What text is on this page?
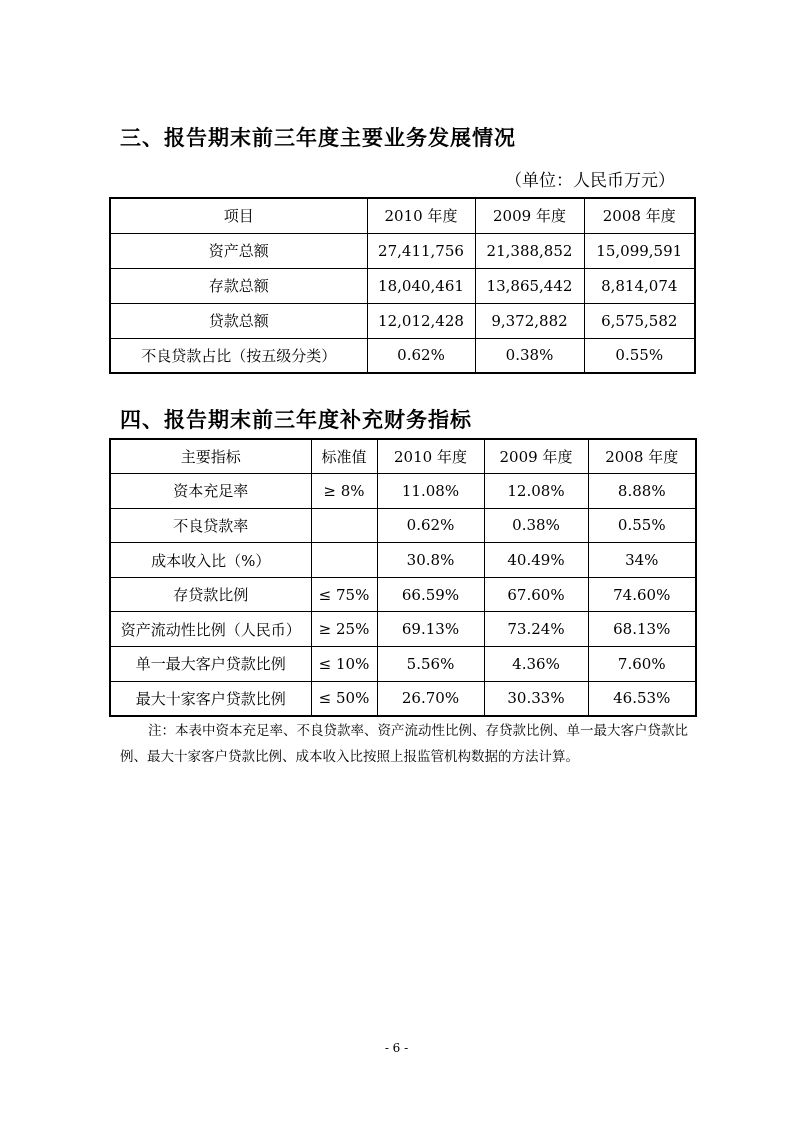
三、报告期末前三年度主要业务发展情况
（单位：人民币万元）
项目	2010 年度	2009 年度	2008 年度
资产总额	27,411,756	21,388,852	15,099,591
存款总额	18,040,461	13,865,442	8,814,074
贷款总额	12,012,428	9,372,882	6,575,582
不良贷款占比（按五级分类）	0.62%	0.38%	0.55%
四、报告期末前三年度补充财务指标
主要指标	标准值	2010 年度	2009 年度	2008 年度
资本充足率	≥ 8%	11.08%	12.08%	8.88%
不良贷款率		0.62%	0.38%	0.55%
成本收入比（%）		30.8%	40.49%	34%
存贷款比例	≤ 75%	66.59%	67.60%	74.60%
资产流动性比例（人民币）	≥ 25%	69.13%	73.24%	68.13%
单一最大客户贷款比例	≤ 10%	5.56%	4.36%	7.60%
最大十家客户贷款比例	≤ 50%	26.70%	30.33%	46.53%
注：本表中资本充足率、不良贷款率、资产流动性比例、存贷款比例、单一最大客户贷款比例、最大十家客户贷款比例、成本收入比按照上报监管机构数据的方法计算。
- 6 -
